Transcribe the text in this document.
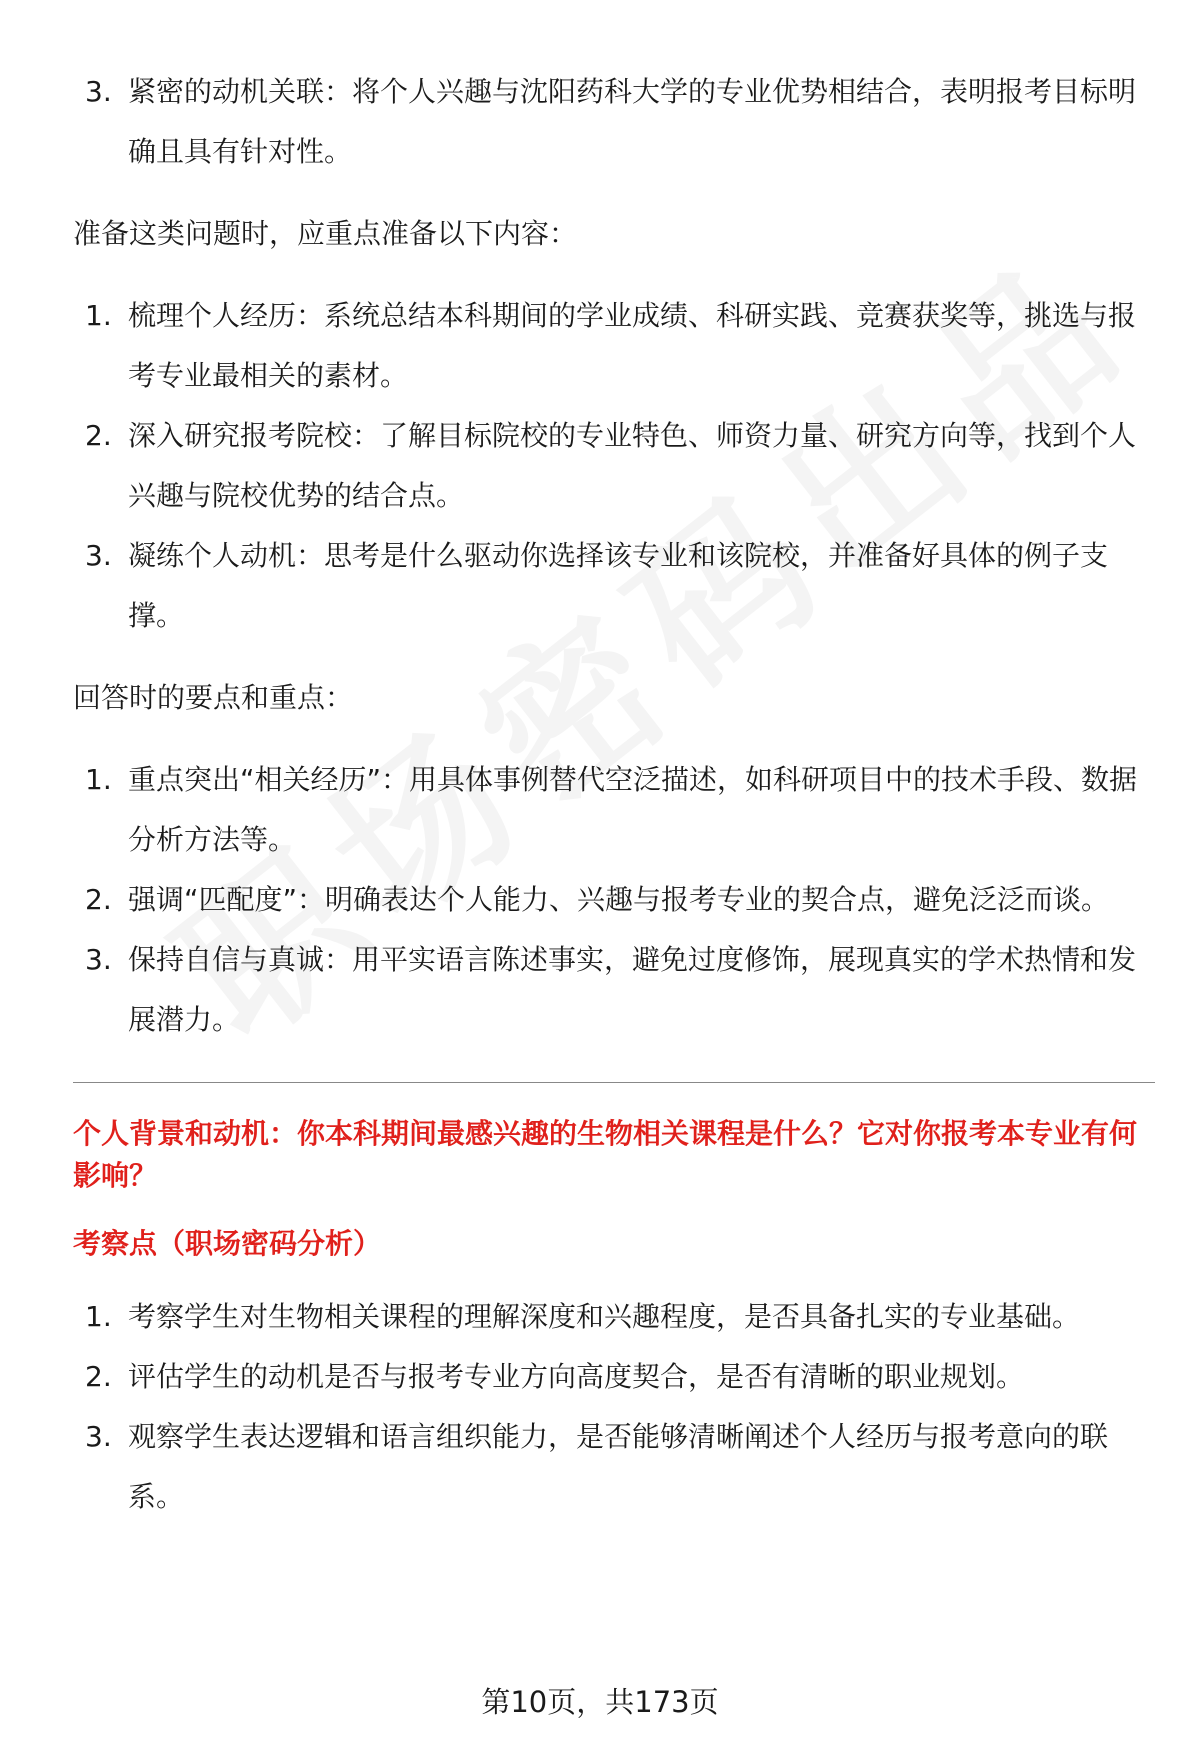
3. 紧密的动机关联：将个人兴趣与沈阳药科大学的专业优势相结合，表明报考目标明确且具有针对性。

准备这类问题时，应重点准备以下内容：

1. 梳理个人经历：系统总结本科期间的学业成绩、科研实践、竞赛获奖等，挑选与报考专业最相关的素材。
2. 深入研究报考院校：了解目标院校的专业特色、师资力量、研究方向等，找到个人兴趣与院校优势的结合点。
3. 凝练个人动机：思考是什么驱动你选择该专业和该院校，并准备好具体的例子支撑。

回答时的要点和重点：

1. 重点突出“相关经历”：用具体事例替代空泛描述，如科研项目中的技术手段、数据分析方法等。
2. 强调“匹配度”：明确表达个人能力、兴趣与报考专业的契合点，避免泛泛而谈。
3. 保持自信与真诚：用平实语言陈述事实，避免过度修饰，展现真实的学术热情和发展潜力。

个人背景和动机：你本科期间最感兴趣的生物相关课程是什么？它对你报考本专业有何影响？

考察点（职场密码分析）

1. 考察学生对生物相关课程的理解深度和兴趣程度，是否具备扎实的专业基础。
2. 评估学生的动机是否与报考专业方向高度契合，是否有清晰的职业规划。
3. 观察学生表达逻辑和语言组织能力，是否能够清晰阐述个人经历与报考意向的联系。
第10页，共173页
